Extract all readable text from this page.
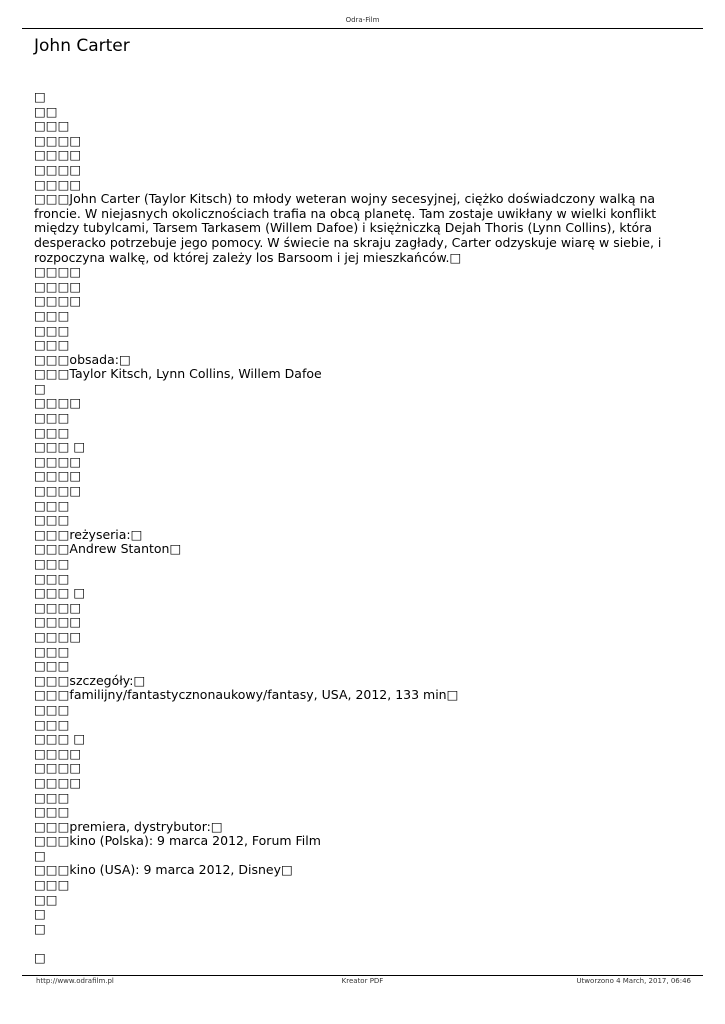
Odra-Film
John Carter
□
□□
□□□
□□□□
□□□□
□□□□
□□□□
□□□John Carter (Taylor Kitsch) to młody weteran wojny secesyjnej, ciężko doświadczony walką na froncie. W niejasnych okolicznościach trafia na obcą planetę. Tam zostaje uwikłany w wielki konflikt między tubylcami, Tarsem Tarkasem (Willem Dafoe) i księżniczką Dejah Thoris (Lynn Collins), która desperacko potrzebuje jego pomocy. W świecie na skraju zagłady, Carter odzyskuje wiarę w siebie, i rozpoczyna walkę, od której zależy los Barsoom i jej mieszkańców.□
□□□□
□□□□
□□□□
□□□
□□□
□□□
□□□obsada:□
□□□Taylor Kitsch, Lynn Collins, Willem Dafoe
□
□□□□
□□□
□□□
□□□ □
□□□□
□□□□
□□□□
□□□
□□□
□□□reżyseria:□
□□□Andrew Stanton□
□□□
□□□
□□□ □
□□□□
□□□□
□□□□
□□□
□□□
□□□szczegóły:□
□□□familijny/fantastycznonaukowy/fantasy, USA, 2012, 133 min□
□□□
□□□
□□□ □
□□□□
□□□□
□□□□
□□□
□□□
□□□premiera, dystrybutor:□
□□□kino (Polska): 9 marca 2012, Forum Film
□
□□□kino (USA): 9 marca 2012, Disney□
□□□
□□
□
□
□
http://www.odrafilm.pl	Kreator PDF	Utworzono 4 March, 2017, 06:46
